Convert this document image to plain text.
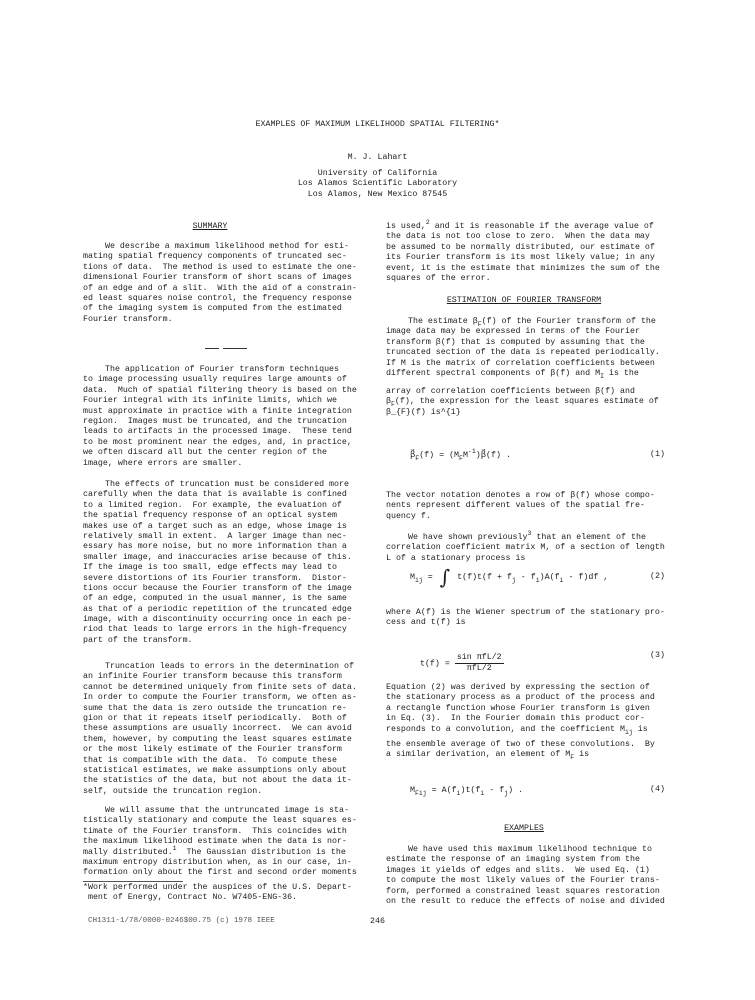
EXAMPLES OF MAXIMUM LIKELIHOOD SPATIAL FILTERING*
M. J. Lahart
University of California
Los Alamos Scientific Laboratory
Los Alamos, New Mexico 87545
SUMMARY
We describe a maximum likelihood method for esti-
mating spatial frequency components of truncated sec-
tions of data.  The method is used to estimate the one-
dimensional Fourier transform of short scans of images
of an edge and of a slit.  With the aid of a constrain-
ed least squares noise control, the frequency response
of the imaging system is computed from the estimated
Fourier transform.
The application of Fourier transform techniques
to image processing usually requires large amounts of
data.  Much of spatial filtering theory is based on the
Fourier integral with its infinite limits, which we
must approximate in practice with a finite integration
region.  Images must be truncated, and the truncation
leads to artifacts in the processed image.  These tend
to be most prominent near the edges, and, in practice,
we often discard all but the center region of the
image, where errors are smaller.
The effects of truncation must be considered more
carefully when the data that is available is confined
to a limited region.  For example, the evaluation of
the spatial frequency response of an optical system
makes use of a target such as an edge, whose image is
relatively small in extent.  A larger image than nec-
essary has more noise, but no more information than a
smaller image, and inaccuracies arise because of this.
If the image is too small, edge effects may lead to
severe distortions of its Fourier transform.  Distor-
tions occur because the Fourier transform of the image
of an edge, computed in the usual manner, is the same
as that of a periodic repetition of the truncated edge
image, with a discontinuity occurring once in each pe-
riod that leads to large errors in the high-frequency
part of the transform.
Truncation leads to errors in the determination of
an infinite Fourier transform because this transform
cannot be determined uniquely from finite sets of data.
In order to compute the Fourier transform, we often as-
sume that the data is zero outside the truncation re-
gion or that it repeats itself periodically.  Both of
these assumptions are usually incorrect.  We can avoid
them, however, by computing the least squares estimate
or the most likely estimate of the Fourier transform
that is compatible with the data.  To compute these
statistical estimates, we make assumptions only about
the statistics of the data, but not about the data it-
self, outside the truncation region.
We will assume that the untruncated image is sta-
tistically stationary and compute the least squares es-
timate of the Fourier transform.  This coincides with
the maximum likelihood estimate when the data is nor-
mally distributed.$^1$  The Gaussian distribution is the
maximum entropy distribution when, as in our case, in-
formation only about the first and second order moments
*Work performed under the auspices of the U.S. Depart-
ment of Energy, Contract No. W7405-ENG-36.
CH1311-1/78/0000-0246$00.75 (c) 1978 IEEE	246
is used,$^2$ and it is reasonable if the average value of
the data is not too close to zero.  When the data may
be assumed to be normally distributed, our estimate of
its Fourier transform is its most likely value; in any
event, it is the estimate that minimizes the sum of the
squares of the error.
ESTIMATION OF FOURIER TRANSFORM
The estimate $\beta_F(f)$ of the Fourier transform of the
image data may be expressed in terms of the Fourier
transform β(f) that is computed by assuming that the
truncated section of the data is repeated periodically.
If M is the matrix of correlation coefficients between
different spectral components of β(f) and $M_I$ is the
array of correlation coefficients between β(f) and
$\beta_F(f)$, the expression for the least squares estimate of
β_{F}(f) is^{1}
$\beta⃗_F(f)$ = $(M_FM^{-1})\beta⃗(f)$ .	(1)
The vector notation denotes a row of β(f) whose compo-
nents represent different values of the spatial fre-
quency f.
We have shown previously$^3$ that an element of the
correlation coefficient matrix M, of a section of length
L of a stationary process is
$M_{ij}$ = ∫ $t(f)t(f + f_j - f_i)A(f_i - f)df$ ,	(2)
where A(f) is the Wiener spectrum of the stationary pro-
cess and t(f) is

$t(f) = \frac{\text{sin πfL/2}}{\text{πfL/2}}$	(3)
Equation (2) was derived by expressing the section of
the stationary process as a product of the process and
a rectangle function whose Fourier transform is given
in Eq. (3).  In the Fourier domain this product cor-
responds to a convolution, and the coefficient $M_{ij}$ is
the ensemble average of two of these convolutions.  By
a similar derivation, an element of $M_F$ is
$M_{Fij} = A(f_i)t(f_i - f_j)$ .	(4)
EXAMPLES
We have used this maximum likelihood technique to
estimate the response of an imaging system from the
images it yields of edges and slits.  We used Eq. (1)
to compute the most likely values of the Fourier trans-
form, performed a constrained least squares restoration
on the result to reduce the effects of noise and divided
